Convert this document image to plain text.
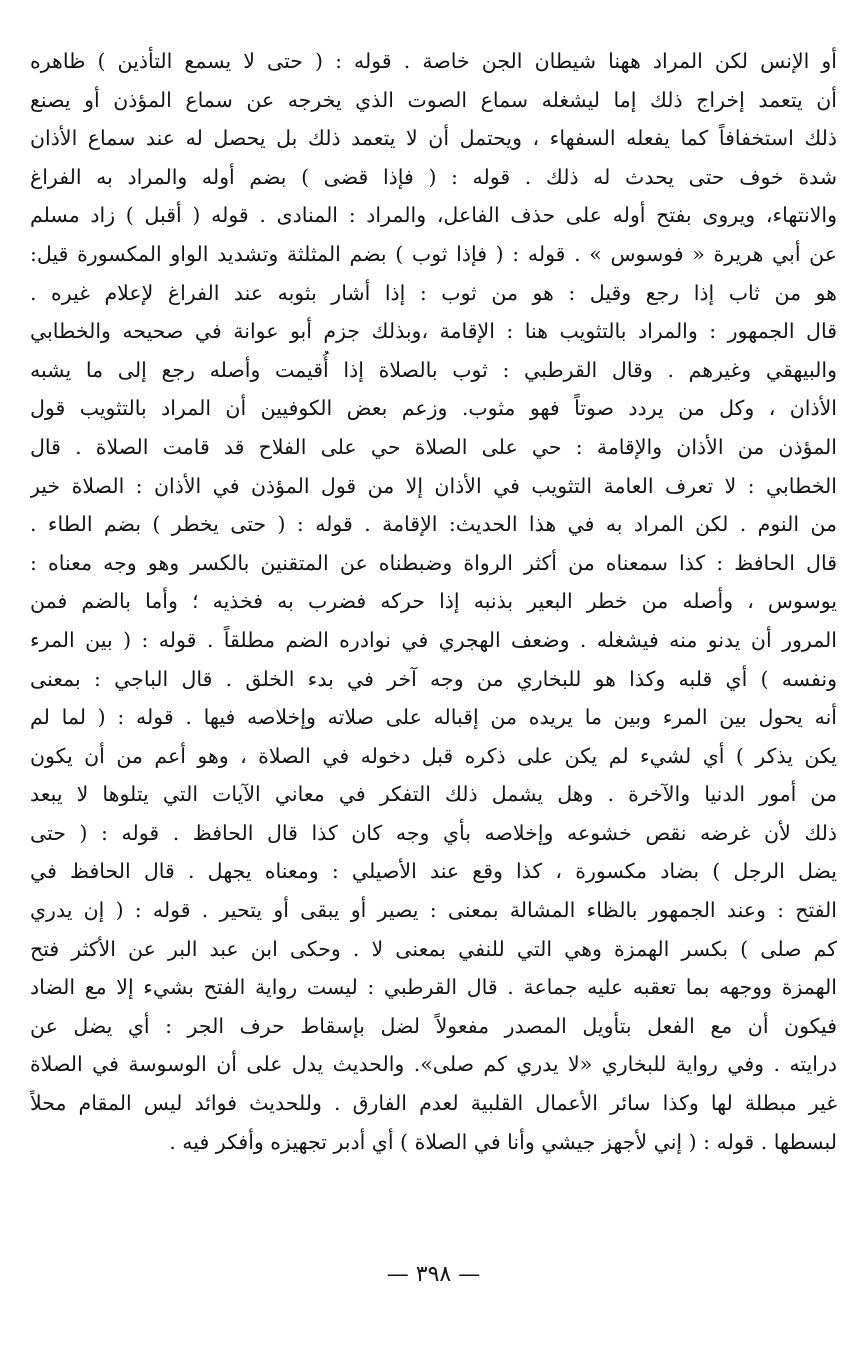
أو الإنس لكن المراد ههنا شيطان الجن خاصة . قوله : ( حتى لا يسمع التأذين ) ظاهره
أن يتعمد إخراج ذلك إما ليشغله سماع الصوت الذي يخرجه عن سماع المؤذن أو يصنع
ذلك استخفافاً كما يفعله السفهاء ، ويحتمل أن لا يتعمد ذلك بل يحصل له عند سماع الأذان
شدة خوف حتى يحدث له ذلك . قوله : ( فإذا قضى ) بضم أوله والمراد به الفراغ
والانتهاء، ويروى بفتح أوله على حذف الفاعل، والمراد : المنادى . قوله ( أقبل ) زاد مسلم
عن أبي هريرة « فوسوس » . قوله : ( فإذا ثوب ) بضم المثلثة وتشديد الواو المكسورة قيل:
هو من ثاب إذا رجع وقيل : هو من ثوب : إذا أشار بثوبه عند الفراغ لإعلام غيره .
قال الجمهور : والمراد بالتثويب هنا : الإقامة ،وبذلك جزم أبو عوانة في صحيحه والخطابي
والبيهقي وغيرهم . وقال القرطبي : ثوب بالصلاة إذا أُقيمت وأصله رجع إلى ما يشبه
الأذان ، وكل من يردد صوتاً فهو مثوب. وزعم بعض الكوفيين أن المراد بالتثويب قول
المؤذن من الأذان والإقامة : حي على الصلاة حي على الفلاح قد قامت الصلاة . قال
الخطابي : لا تعرف العامة التثويب في الأذان إلا من قول المؤذن في الأذان : الصلاة خير
من النوم . لكن المراد به في هذا الحديث: الإقامة . قوله : ( حتى يخطر ) بضم الطاء .
قال الحافظ : كذا سمعناه من أكثر الرواة وضبطناه عن المتقنين بالكسر وهو وجه معناه :
يوسوس ، وأصله من خطر البعير بذنبه إذا حركه فضرب به فخذيه ؛ وأما بالضم فمن
المرور أن يدنو منه فيشغله . وضعف الهجري في نوادره الضم مطلقاً . قوله : ( بين المرء
ونفسه ) أي قلبه وكذا هو للبخاري من وجه آخر في بدء الخلق . قال الباجي : بمعنى
أنه يحول بين المرء وبين ما يريده من إقباله على صلاته وإخلاصه فيها . قوله : ( لما لم
يكن يذكر ) أي لشيء لم يكن على ذكره قبل دخوله في الصلاة ، وهو أعم من أن يكون
من أمور الدنيا والآخرة . وهل يشمل ذلك التفكر في معاني الآيات التي يتلوها لا يبعد
ذلك لأن غرضه نقص خشوعه وإخلاصه بأي وجه كان كذا قال الحافظ . قوله : ( حتى
يضل الرجل ) بضاد مكسورة ، كذا وقع عند الأصيلي : ومعناه يجهل . قال الحافظ في
الفتح : وعند الجمهور بالظاء المشالة بمعنى : يصير أو يبقى أو يتحير . قوله : ( إن يدري
كم صلى ) بكسر الهمزة وهي التي للنفي بمعنى لا . وحكى ابن عبد البر عن الأكثر فتح
الهمزة ووجهه بما تعقبه عليه جماعة . قال القرطبي : ليست رواية الفتح بشيء إلا مع الضاد
فيكون أن مع الفعل بتأويل المصدر مفعولاً لضل بإسقاط حرف الجر : أي يضل عن
درايته . وفي رواية للبخاري «لا يدري كم صلى». والحديث يدل على أن الوسوسة في الصلاة
غير مبطلة لها وكذا سائر الأعمال القلبية لعدم الفارق . وللحديث فوائد ليس المقام محلاً
لبسطها . قوله : ( إني لأجهز جيشي وأنا في الصلاة ) أي أدبر تجهيزه وأفكر فيه .
— ٣٩٨ —
